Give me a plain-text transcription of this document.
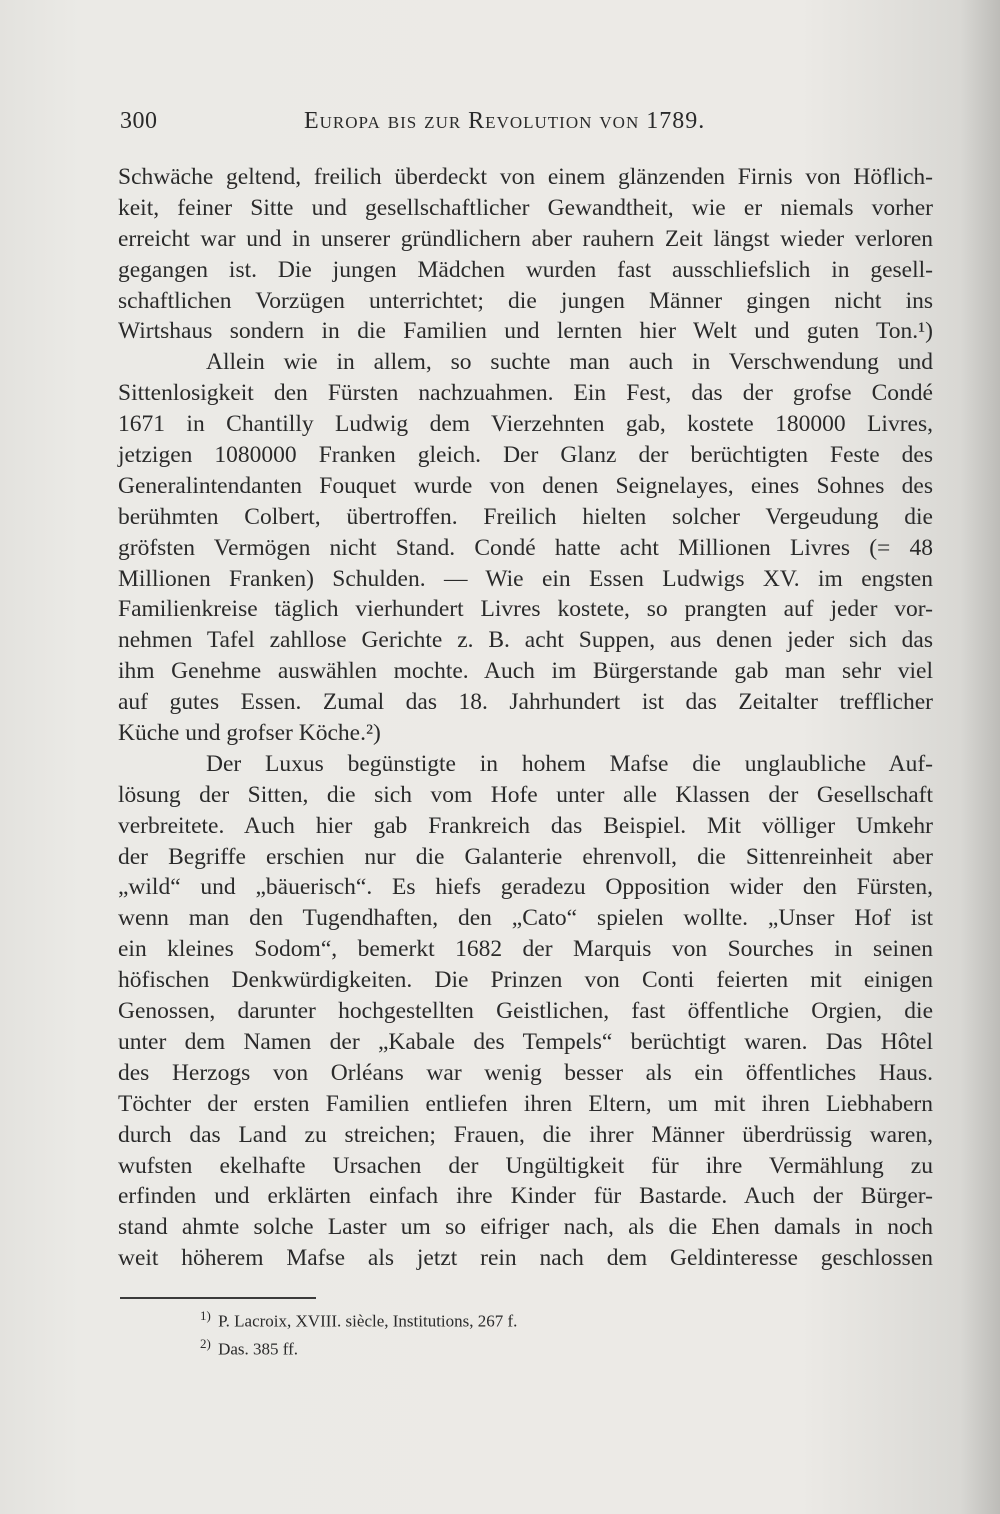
300	Europa bis zur Revolution von 1789.
Schwäche geltend, freilich überdeckt von einem glänzenden Firnis von Höflich-
keit, feiner Sitte und gesellschaftlicher Gewandtheit, wie er niemals vorher
erreicht war und in unserer gründlichern aber rauhern Zeit längst wieder verloren
gegangen ist. Die jungen Mädchen wurden fast ausschliefslich in gesell-
schaftlichen Vorzügen unterrichtet; die jungen Männer gingen nicht ins
Wirtshaus sondern in die Familien und lernten hier Welt und guten Ton.¹)
Allein wie in allem, so suchte man auch in Verschwendung und
Sittenlosigkeit den Fürsten nachzuahmen. Ein Fest, das der grofse Condé
1671 in Chantilly Ludwig dem Vierzehnten gab, kostete 180000 Livres,
jetzigen 1080000 Franken gleich. Der Glanz der berüchtigten Feste des
Generalintendanten Fouquet wurde von denen Seignelayes, eines Sohnes des
berühmten Colbert, übertroffen. Freilich hielten solcher Vergeudung die
gröfsten Vermögen nicht Stand. Condé hatte acht Millionen Livres (= 48
Millionen Franken) Schulden. — Wie ein Essen Ludwigs XV. im engsten
Familienkreise täglich vierhundert Livres kostete, so prangten auf jeder vor-
nehmen Tafel zahllose Gerichte z. B. acht Suppen, aus denen jeder sich das
ihm Genehme auswählen mochte. Auch im Bürgerstande gab man sehr viel
auf gutes Essen. Zumal das 18. Jahrhundert ist das Zeitalter trefflicher
Küche und grofser Köche.²)
Der Luxus begünstigte in hohem Mafse die unglaubliche Auf-
lösung der Sitten, die sich vom Hofe unter alle Klassen der Gesellschaft
verbreitete. Auch hier gab Frankreich das Beispiel. Mit völliger Umkehr
der Begriffe erschien nur die Galanterie ehrenvoll, die Sittenreinheit aber
„wild“ und „bäuerisch“. Es hiefs geradezu Opposition wider den Fürsten,
wenn man den Tugendhaften, den „Cato“ spielen wollte. „Unser Hof ist
ein kleines Sodom“, bemerkt 1682 der Marquis von Sourches in seinen
höfischen Denkwürdigkeiten. Die Prinzen von Conti feierten mit einigen
Genossen, darunter hochgestellten Geistlichen, fast öffentliche Orgien, die
unter dem Namen der „Kabale des Tempels“ berüchtigt waren. Das Hôtel
des Herzogs von Orléans war wenig besser als ein öffentliches Haus.
Töchter der ersten Familien entliefen ihren Eltern, um mit ihren Liebhabern
durch das Land zu streichen; Frauen, die ihrer Männer überdrüssig waren,
wufsten ekelhafte Ursachen der Ungültigkeit für ihre Vermählung zu
erfinden und erklärten einfach ihre Kinder für Bastarde. Auch der Bürger-
stand ahmte solche Laster um so eifriger nach, als die Ehen damals in noch
weit höherem Mafse als jetzt rein nach dem Geldinteresse geschlossen
$^{1)}$ P. Lacroix, XVIII. siècle, Institutions, 267 f.
$^{2)}$ Das. 385 ff.
